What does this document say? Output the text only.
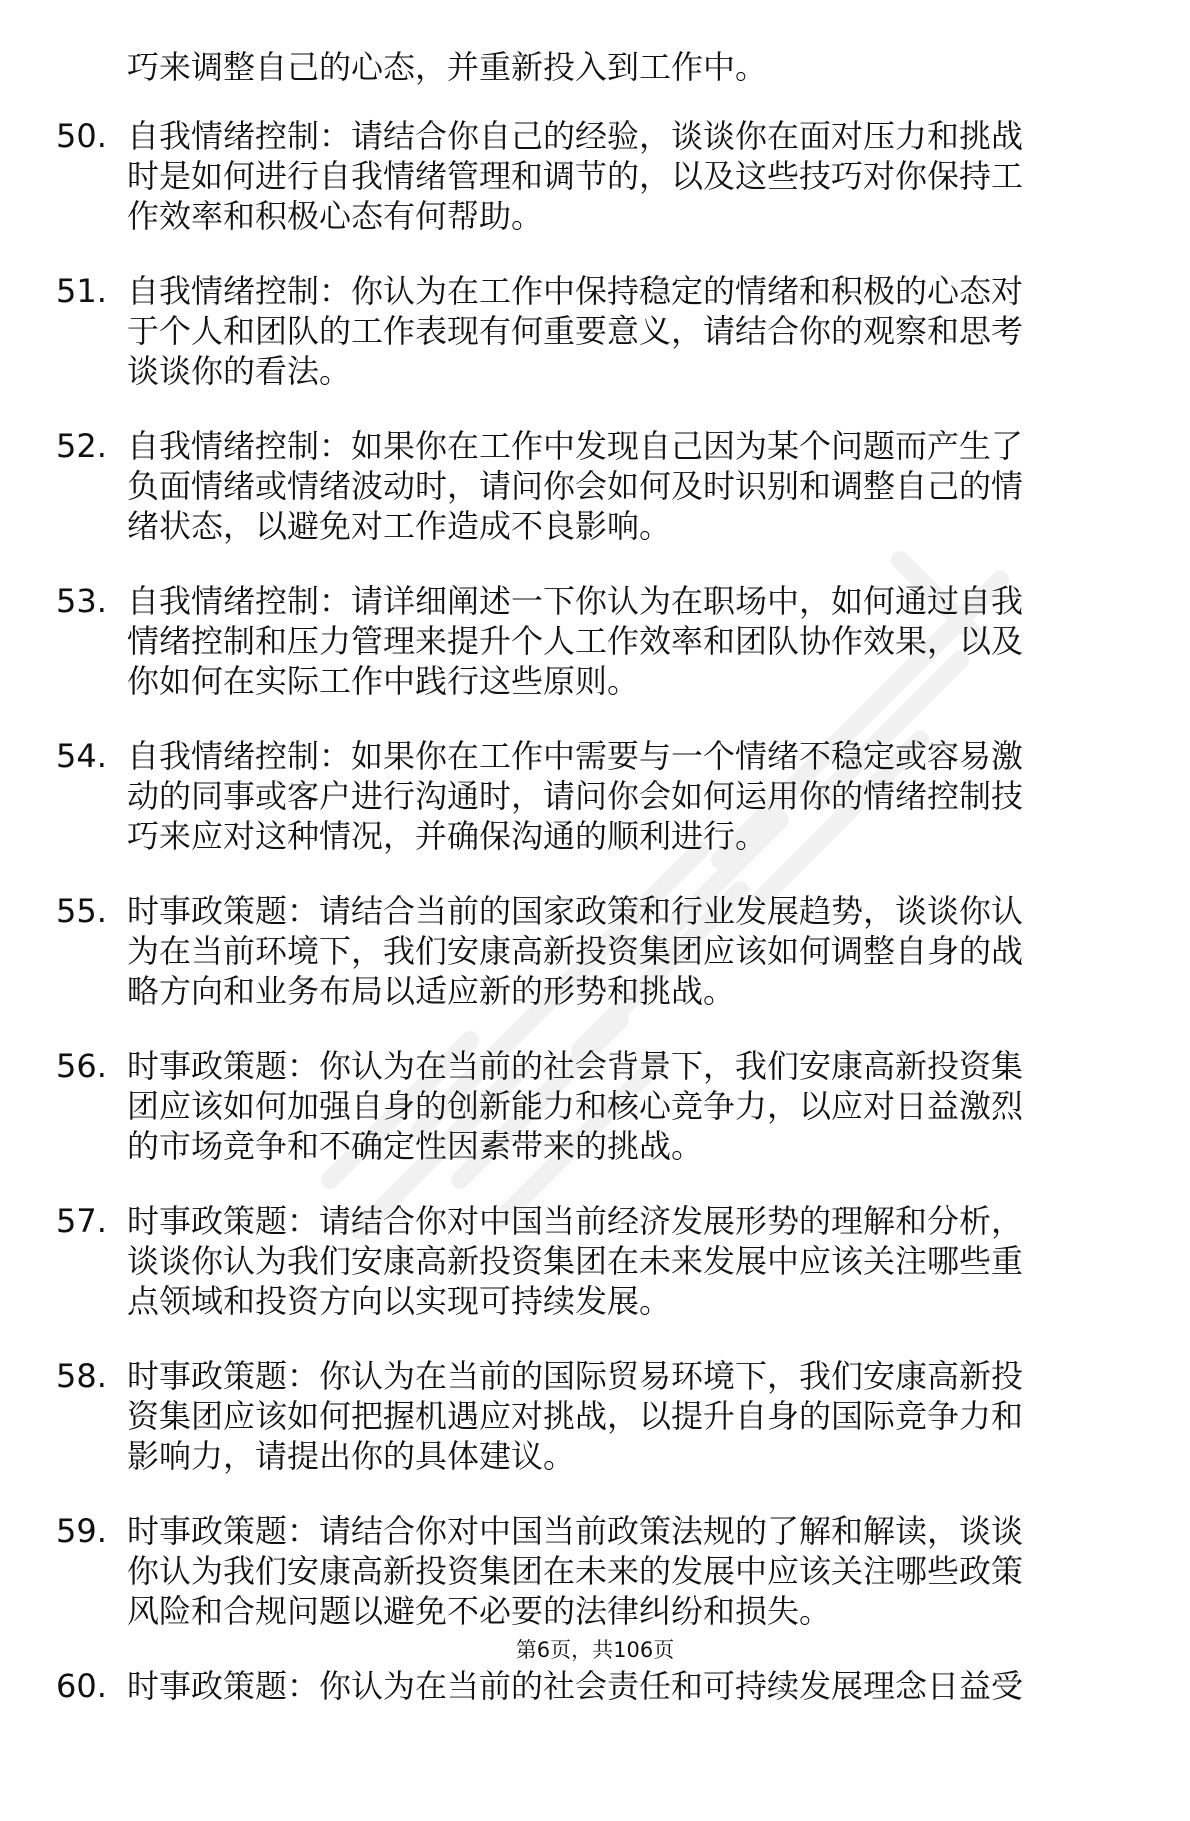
巧来调整自己的心态，并重新投入到工作中。
50. 自我情绪控制：请结合你自己的经验，谈谈你在面对压力和挑战
时是如何进行自我情绪管理和调节的，以及这些技巧对你保持工
作效率和积极心态有何帮助。
51. 自我情绪控制：你认为在工作中保持稳定的情绪和积极的心态对
于个人和团队的工作表现有何重要意义，请结合你的观察和思考
谈谈你的看法。
52. 自我情绪控制：如果你在工作中发现自己因为某个问题而产生了
负面情绪或情绪波动时，请问你会如何及时识别和调整自己的情
绪状态，以避免对工作造成不良影响。
53. 自我情绪控制：请详细阐述一下你认为在职场中，如何通过自我
情绪控制和压力管理来提升个人工作效率和团队协作效果，以及
你如何在实际工作中践行这些原则。
54. 自我情绪控制：如果你在工作中需要与一个情绪不稳定或容易激
动的同事或客户进行沟通时，请问你会如何运用你的情绪控制技
巧来应对这种情况，并确保沟通的顺利进行。
55. 时事政策题：请结合当前的国家政策和行业发展趋势，谈谈你认
为在当前环境下，我们安康高新投资集团应该如何调整自身的战
略方向和业务布局以适应新的形势和挑战。
56. 时事政策题：你认为在当前的社会背景下，我们安康高新投资集
团应该如何加强自身的创新能力和核心竞争力，以应对日益激烈
的市场竞争和不确定性因素带来的挑战。
57. 时事政策题：请结合你对中国当前经济发展形势的理解和分析，
谈谈你认为我们安康高新投资集团在未来发展中应该关注哪些重
点领域和投资方向以实现可持续发展。
58. 时事政策题：你认为在当前的国际贸易环境下，我们安康高新投
资集团应该如何把握机遇应对挑战，以提升自身的国际竞争力和
影响力，请提出你的具体建议。
59. 时事政策题：请结合你对中国当前政策法规的了解和解读，谈谈
你认为我们安康高新投资集团在未来的发展中应该关注哪些政策
风险和合规问题以避免不必要的法律纠纷和损失。
60. 时事政策题：你认为在当前的社会责任和可持续发展理念日益受
第6页，共106页
